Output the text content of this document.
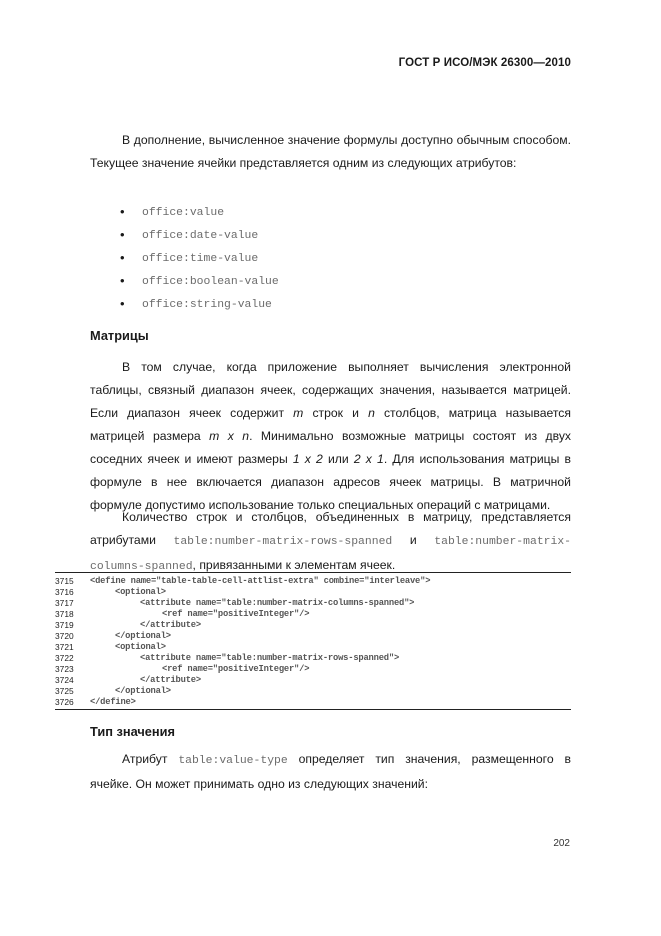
ГОСТ Р ИСО/МЭК 26300—2010
В дополнение, вычисленное значение формулы доступно обычным способом. Текущее значение ячейки представляется одним из следующих атрибутов:
• office:value
• office:date-value
• office:time-value
• office:boolean-value
• office:string-value
Матрицы
В том случае, когда приложение выполняет вычисления электронной таблицы, связный диапазон ячеек, содержащих значения, называется матрицей. Если диапазон ячеек содержит m строк и n столбцов, матрица называется матрицей размера m x n. Минимально возможные матрицы состоят из двух соседних ячеек и имеют размеры 1 x 2 или 2 x 1. Для использования матрицы в формуле в нее включается диапазон адресов ячеек матрицы. В матричной формуле допустимо использование только специальных операций с матрицами.
Количество строк и столбцов, объединенных в матрицу, представляется атрибутами table:number-matrix-rows-spanned и table:number-matrix-columns-spanned, привязанными к элементам ячеек.
3715	<define name="table-table-cell-attlist-extra" combine="interleave">
3716	<optional>
3717	<attribute name="table:number-matrix-columns-spanned">
3718	<ref name="positiveInteger"/>
3719	</attribute>
3720	</optional>
3721	<optional>
3722	<attribute name="table:number-matrix-rows-spanned">
3723	<ref name="positiveInteger"/>
3724	</attribute>
3725	</optional>
3726	</define>
Тип значения
Атрибут table:value-type определяет тип значения, размещенного в ячейке. Он может принимать одно из следующих значений:
202
